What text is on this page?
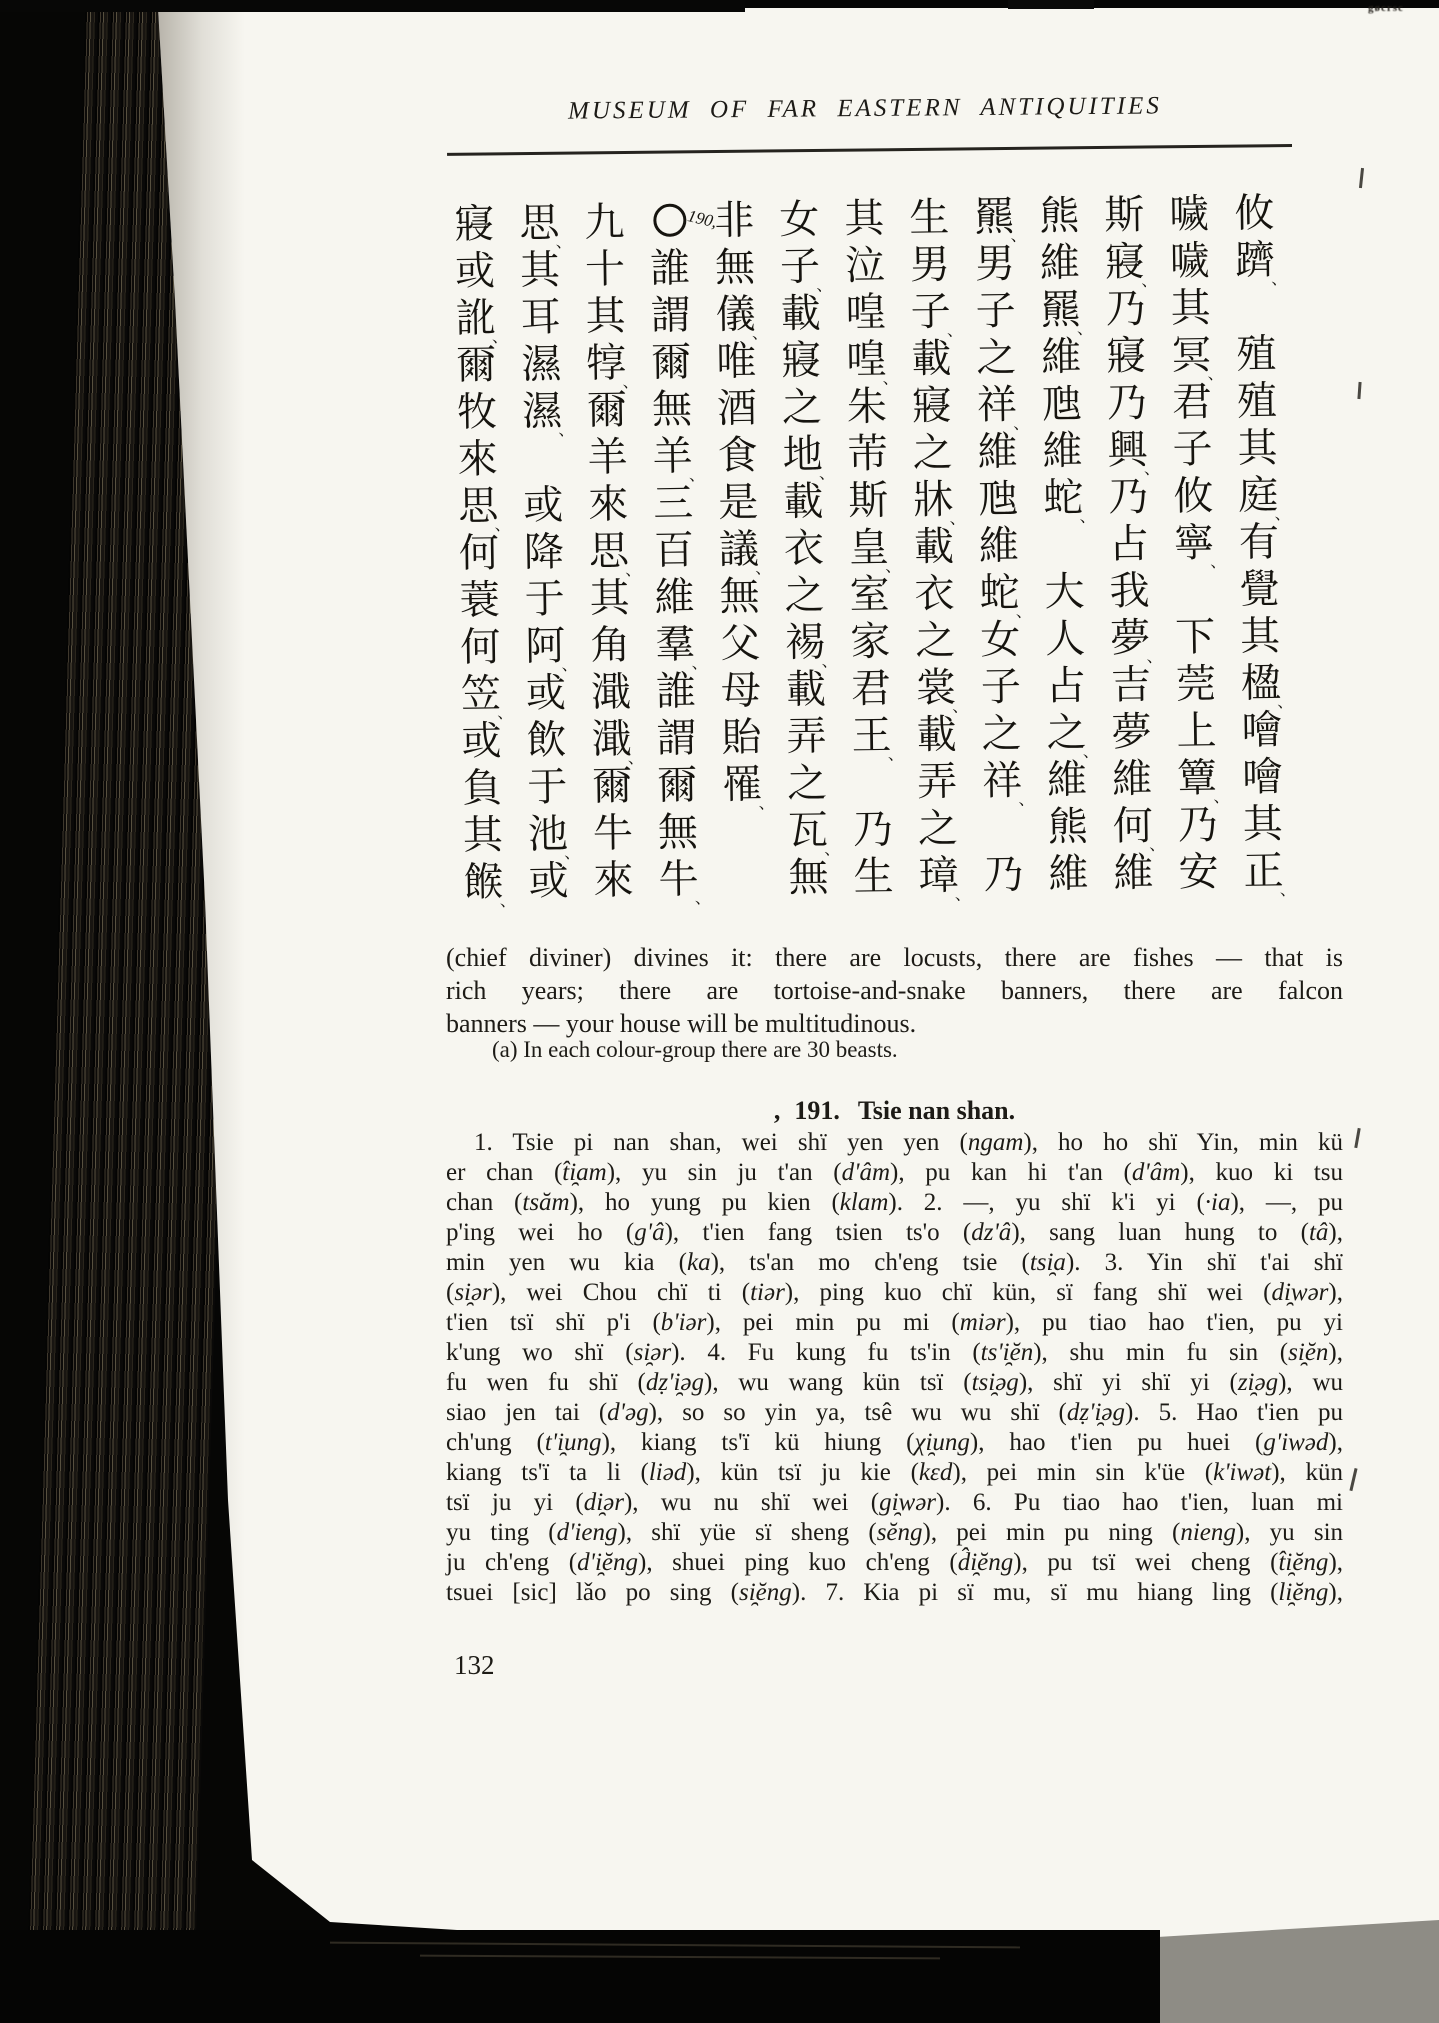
gøcrsc
MUSEUM OF FAR EASTERN ANTIQUITIES
攸
躋
、
殖
殖
其
庭
、
有
覺
其
楹
、
噲
噲
其
正
、
噦
噦
其
冥
、
君
子
攸
寧
、
下
莞
上
簟
、
乃
安
斯
寢
、
乃
寢
乃
興
、
乃
占
我
夢
、
吉
夢
維
何
、
維
熊
維
羆
、
維
虺
維
蛇
、
大
人
占
之
、
維
熊
維
羆
、
男
子
之
祥
、
維
虺
維
蛇
、
女
子
之
祥
、
乃
生
男
子
、
載
寢
之
牀
、
載
衣
之
裳
、
載
弄
之
璋
、
其
泣
喤
喤
、
朱
芾
斯
皇
、
室
家
君
王
、
乃
生
女
子
、
載
寢
之
地
、
載
衣
之
裼
、
載
弄
之
瓦
、
無
非
無
儀
、
唯
酒
食
是
議
、
無
父
母
貽
罹
、
190,
誰
謂
爾
無
羊
、
三
百
維
羣
、
誰
謂
爾
無
牛
、
九
十
其
犉
、
爾
羊
來
思
、
其
角
濈
濈
、
爾
牛
來
思
、
其
耳
濕
濕
、
或
降
于
阿
、
或
飲
于
池
、
或
寢
或
訛
、
爾
牧
來
思
、
何
蓑
何
笠
、
或
負
其
餱
、
(chief diviner) divines it: there are locusts, there are fishes — that is
rich years; there are tortoise-and-snake banners, there are falcon
banners — your house will be multitudinous.
(a) In each colour-group there are 30 beasts.
, 191. Tsie nan shan.
1. Tsie pi nan shan, wei shï yen yen (ngam), ho ho shï Yin, min kü
er chan (t̂i̯am), yu sin ju t'an (d'âm), pu kan hi t'an (d'âm), kuo ki tsu
chan (tsăm), ho yung pu kien (klam). 2. —, yu shï k'i yi (·ia), —, pu
p'ing wei ho (g'â), t'ien fang tsien ts'o (dz'â), sang luan hung to (tâ),
min yen wu kia (ka), ts'an mo ch'eng tsie (tsi̯a). 3. Yin shï t'ai shï
(si̯ər), wei Chou chï ti (tiər), ping kuo chï kün, sï fang shï wei (di̯wər),
t'ien tsï shï p'i (b'iər), pei min pu mi (miər), pu tiao hao t'ien, pu yi
k'ung wo shï (si̯ər). 4. Fu kung fu ts'in (ts'i̯ĕn), shu min fu sin (si̯ĕn),
fu wen fu shï (dẓ'i̯əg), wu wang kün tsï (tsi̯əg), shï yi shï yi (zi̯əg), wu
siao jen tai (d'əg), so so yin ya, tsê wu wu shï (dẓ'i̯əg). 5. Hao t'ien pu
ch'ung (t'i̯ung), kiang ts'ï kü hiung (χi̯ung), hao t'ien pu huei (g'iwəd),
kiang ts'ï ta li (liəd), kün tsï ju kie (kɛd), pei min sin k'üe (k'iwət), kün
tsï ju yi (di̯ər), wu nu shï wei (gi̯wər). 6. Pu tiao hao t'ien, luan mi
yu ting (d'ieng), shï yüe sï sheng (sĕng), pei min pu ning (nieng), yu sin
ju ch'eng (d'i̯ĕng), shuei ping kuo ch'eng (d̂i̯ĕng), pu tsï wei cheng (t̂i̯ĕng),
tsuei [sic] lǎo po sing (si̯ĕng). 7. Kia pi sï mu, sï mu hiang ling (li̯ĕng),
132
